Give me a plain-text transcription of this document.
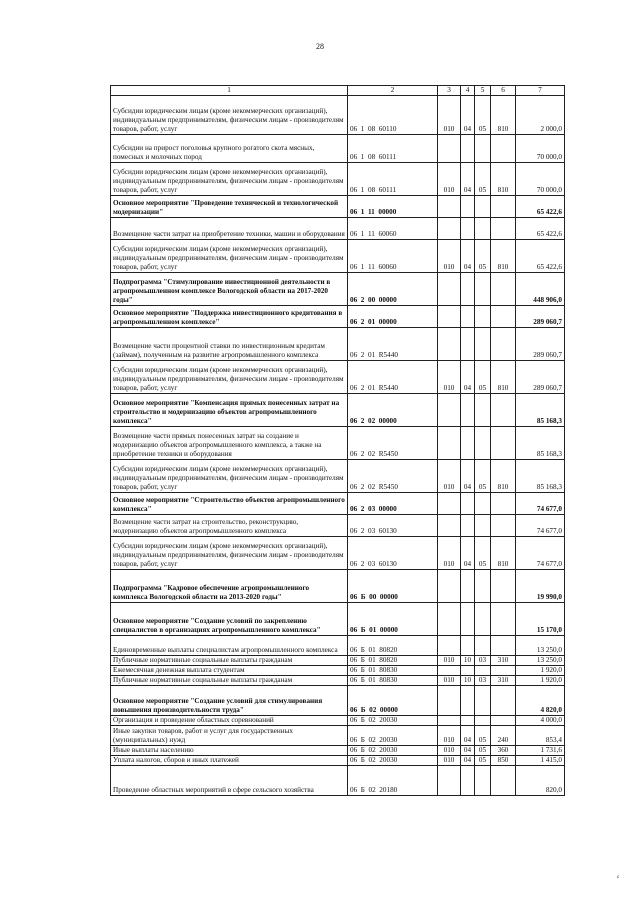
28
1	2	3	4	5	6	7
Субсидии юридическим лицам (кроме некоммерческих организаций), индивидуальным предпринимателям, физическим лицам - производителям товаров, работ, услуг	06  1  08  60110	010	04	05	810	2 000,0
Субсидии на прирост поголовья крупного рогатого скота мясных, помесных и молочных пород	06  1  08  60111					70 000,0
Субсидии юридическим лицам (кроме некоммерческих организаций), индивидуальным предпринимателям, физическим лицам - производителям товаров, работ, услуг	06  1  08  60111	010	04	05	810	70 000,0
Основное мероприятие "Проведение технической и технологической модернизации"	06  1  11  00000					65 422,6
Возмещение части затрат на приобретение техники, машин и оборудования	06  1  11  60060					65 422,6
Субсидии юридическим лицам (кроме некоммерческих организаций), индивидуальным предпринимателям, физическим лицам - производителям товаров, работ, услуг	06  1  11  60060	010	04	05	810	65 422,6
Подпрограмма "Стимулирование инвестиционной деятельности в агропромышленном комплексе Вологодской области на 2017-2020 годы"	06  2  00  00000					448 906,0
Основное мероприятие "Поддержка инвестиционного кредитования в агропромышленном комплексе"	06  2  01  00000					289 060,7
Возмещение части процентной ставки по инвестиционным кредитам (займам), полученным на развитие агропромышленного комплекса	06  2  01  R5440					289 060,7
Субсидии юридическим лицам (кроме некоммерческих организаций), индивидуальным предпринимателям, физическим лицам - производителям товаров, работ, услуг	06  2  01  R5440	010	04	05	810	289 060,7
Основное мероприятие "Компенсация прямых понесенных затрат на строительство и модернизацию объектов агропромышленного комплекса"	06  2  02  00000					85 168,3
Возмещение части прямых понесенных затрат на создание и модернизацию объектов агропромышленного комплекса, а также на приобретение техники и оборудования	06  2  02  R5450					85 168,3
Субсидии юридическим лицам (кроме некоммерческих организаций), индивидуальным предпринимателям, физическим лицам - производителям товаров, работ, услуг	06  2  02  R5450	010	04	05	810	85 168,3
Основное мероприятие "Строительство объектов агропромышленного комплекса"	06  2  03  00000					74 677,0
Возмещение части затрат на строительство, реконструкцию, модернизацию объектов агропромышленного комплекса	06  2  03  60130					74 677,0
Субсидии юридическим лицам (кроме некоммерческих организаций), индивидуальным предпринимателям, физическим лицам - производителям товаров, работ, услуг	06  2  03  60130	010	04	05	810	74 677,0
Подпрограмма "Кадровое обеспечение агропромышленного комплекса Вологодской области на 2013-2020 годы"	06  Б  00  00000					19 990,0
Основное мероприятие "Создание условий по закреплению специалистов в организациях агропромышленного комплекса"	06  Б  01  00000					15 170,0
Единовременные выплаты специалистам агропромышленного комплекса	06  Б  01  80820					13 250,0
Публичные нормативные социальные выплаты гражданам	06  Б  01  80820	010	10	03	310	13 250,0
Ежемесячная денежная выплата студентам	06  Б  01  80830					1 920,0
Публичные нормативные социальные выплаты гражданам	06  Б  01  80830	010	10	03	310	1 920,0
Основное мероприятие "Создание условий для стимулирования повышения производительности труда"	06  Б  02  00000					4 820,0
Организация и проведение областных соревнований	06  Б  02  20030					4 000,0
Иные закупки товаров, работ и услуг для государственных (муниципальных) нужд	06  Б  02  20030	010	04	05	240	853,4
Иные выплаты населению	06  Б  02  20030	010	04	05	360	1 731,6
Уплата налогов, сборов и иных платежей	06  Б  02  20030	010	04	05	850	1 415,0
Проведение областных мероприятий в сфере сельского хозяйства	06  Б  02  20180					820,0
ʻ
